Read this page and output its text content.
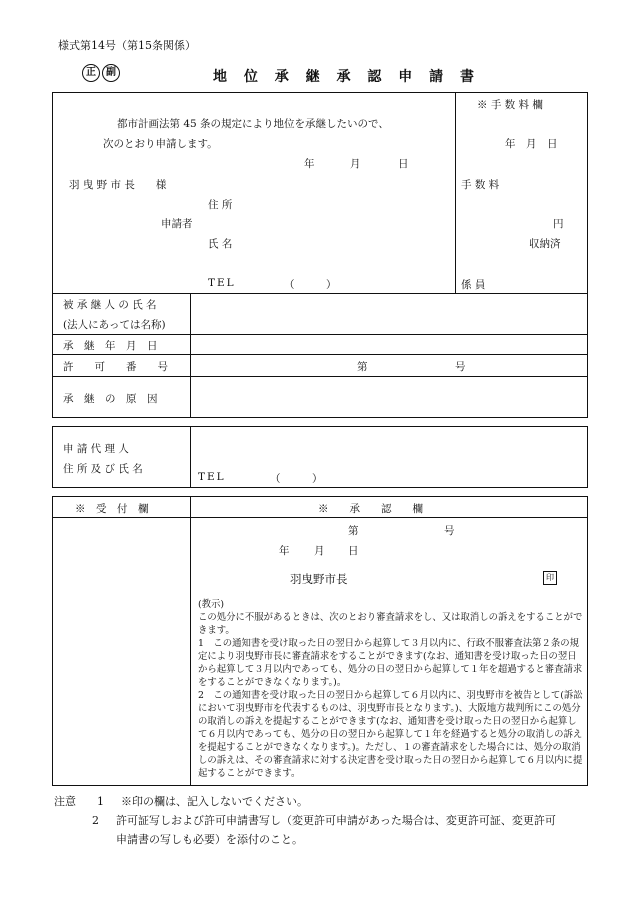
様式第14号（第15条関係）
正	副	地 位 承 継 承 認 申 請 書
都市計画法第 45 条の規定により地位を承継したいので、
次のとおり申請します。
年	月	日
羽 曳 野 市 長　　様
住 所
申請者
氏 名
TEL	（　　　）
※ 手 数 料 欄
年　月　日
手 数 料
円
収納済
係 員
被 承 継 人 の 氏 名
(法人にあっては名称)
承　継　年　月　日
許　　可　　番　　号	第	号
承　継　の　原　因
申 請 代 理 人
住 所 及 び 氏 名
TEL	（　　　）
※　受　付　欄	※　　承　　認　　欄
第	号
年 月 日
羽曳野市長	印

(教示)

この処分に不服があるときは、次のとおり審査請求をし、又は取消しの訴えをすることができます。

1　この通知書を受け取った日の翌日から起算して３月以内に、行政不服審査法第２条の規定により羽曳野市長に審査請求をすることができます(なお、通知書を受け取った日の翌日から起算して３月以内であっても、処分の日の翌日から起算して１年を超過すると審査請求をすることができなくなります。)。

2　この通知書を受け取った日の翌日から起算して６月以内に、羽曳野市を被告として(訴訟において羽曳野市を代表するものは、羽曳野市長となります。)、大阪地方裁判所にこの処分の取消しの訴えを提起することができます(なお、通知書を受け取った日の翌日から起算して６月以内であっても、処分の日の翌日から起算して１年を経過すると処分の取消しの訴えを提起することができなくなります。)。ただし、１の審査請求をした場合には、処分の取消しの訴えは、その審査請求に対する決定書を受け取った日の翌日から起算して６月以内に提起することができます。

注意 1 ※印の欄は、記入しないでください。
2 許可証写しおよび許可申請書写し（変更許可申請があった場合は、変更許可証、変更許可
申請書の写しも必要）を添付のこと。
